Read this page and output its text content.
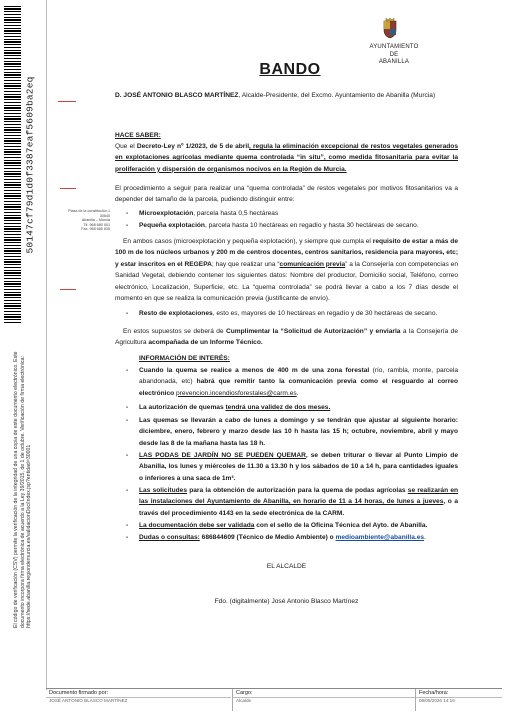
50147cf79d1d0f3387eaf5609ba2eq
El código de verificación (CSV) permite la verificación de la integridad de una copia de este documento electrónico. Este documento incorpora firma electrónica de acuerdo a la Ley 39/2015, de 1 de octubre. Verificación de firma electrónica: https://sede.abanilla.regiondemurcia.es/validacionDoc/index.jsp?entidad=30001
AYUNTAMIENTO
DE
ABANILLA
BANDO
Plaza de la constitución,1
30640
Abanilla – Murcia
Tlf. 968 680 001
Fax. 968 680 635
D. JOSÉ ANTONIO BLASCO MARTÍNEZ, Alcalde-Presidente, del Excmo. Ayuntamiento de Abanilla (Murcia)
HACE SABER:
Que el Decreto-Ley nº 1/2023, de 5 de abril, regula la eliminación excepcional de restos vegetales generados en explotaciones agrícolas mediante quema controlada “in situ”, como medida fitosanitaria para evitar la proliferación y dispersión de organismos nocivos en la Región de Murcia.
El procedimiento a seguir para realizar una “quema controlada” de restos vegetales por motivos fitosanitarios va a depender del tamaño de la parcela, pudiendo distinguir entre:
- Microexplotación, parcela hasta 0,5 hectáreas
- Pequeña explotación, parcela hasta 10 hectáreas en regadío y hasta 30 hectáreas de secano.
En ambos casos (microexplotación y pequeña explotación), y siempre que cumpla el requisito de estar a más de 100 m de los núcleos urbanos y 200 m de centros docentes, centros sanitarios, residencia para mayores, etc; y estar inscritos en el REGEPA; hay que realizar una “comunicación previa” a la Consejería con competencias en Sanidad Vegetal, debiendo contener los siguientes datos: Nombre del productor, Domicilio social, Teléfono, correo electrónico, Localización, Superficie, etc. La “quema controlada” se podrá llevar a cabo a los 7 días desde el momento en que se realiza la comunicación previa (justificante de envío).
- Resto de explotaciones, esto es, mayores de 10 hectáreas en regadío y de 30 hectáreas de secano.
En estos supuestos se deberá de Cumplimentar la “Solicitud de Autorización” y enviarla a la Consejería de Agricultura acompañada de un Informe Técnico.
INFORMACIÓN DE INTERÉS:
- Cuando la quema se realice a menos de 400 m de una zona forestal (río, rambla, monte, parcela abandonada, etc) habrá que remitir tanto la comunicación previa como el resguardo al correo electrónico prevencion.incendiosforestales@carm.es.
- La autorización de quemas tendrá una validez de dos meses.
- Las quemas se llevarán a cabo de lunes a domingo y se tendrán que ajustar al siguiente horario: diciembre, enero, febrero y marzo desde las 10 h hasta las 15 h; octubre, noviembre, abril y mayo desde las 8 de la mañana hasta las 18 h.
- LAS PODAS DE JARDÍN NO SE PUEDEN QUEMAR, se deben triturar o llevar al Punto Limpio de Abanilla, los lunes y miércoles de 11.30 a 13.30 h y los sábados de 10 a 14 h, para cantidades iguales o inferiores a una saca de 1m³.
- Las solicitudes para la obtención de autorización para la quema de podas agrícolas se realizarán en las instalaciones del Ayuntamiento de Abanilla, en horario de 11 a 14 horas, de lunes a jueves, o a través del procedimiento 4143 en la sede electrónica de la CARM.
- La documentación debe ser validada con el sello de la Oficina Técnica del Ayto. de Abanilla.
- Dudas o consultas: 686844609 (Técnico de Medio Ambiente) o medioambiente@abanilla.es.
EL ALCALDE
Fdo. (digitalmente) José Antonio Blasco Martínez
Documento firmado por:
JOSÉ ANTONIO BLASCO MARTÍNEZ
Cargo:
Alcalde
Fecha/hora:
08/05/2026 14:16
